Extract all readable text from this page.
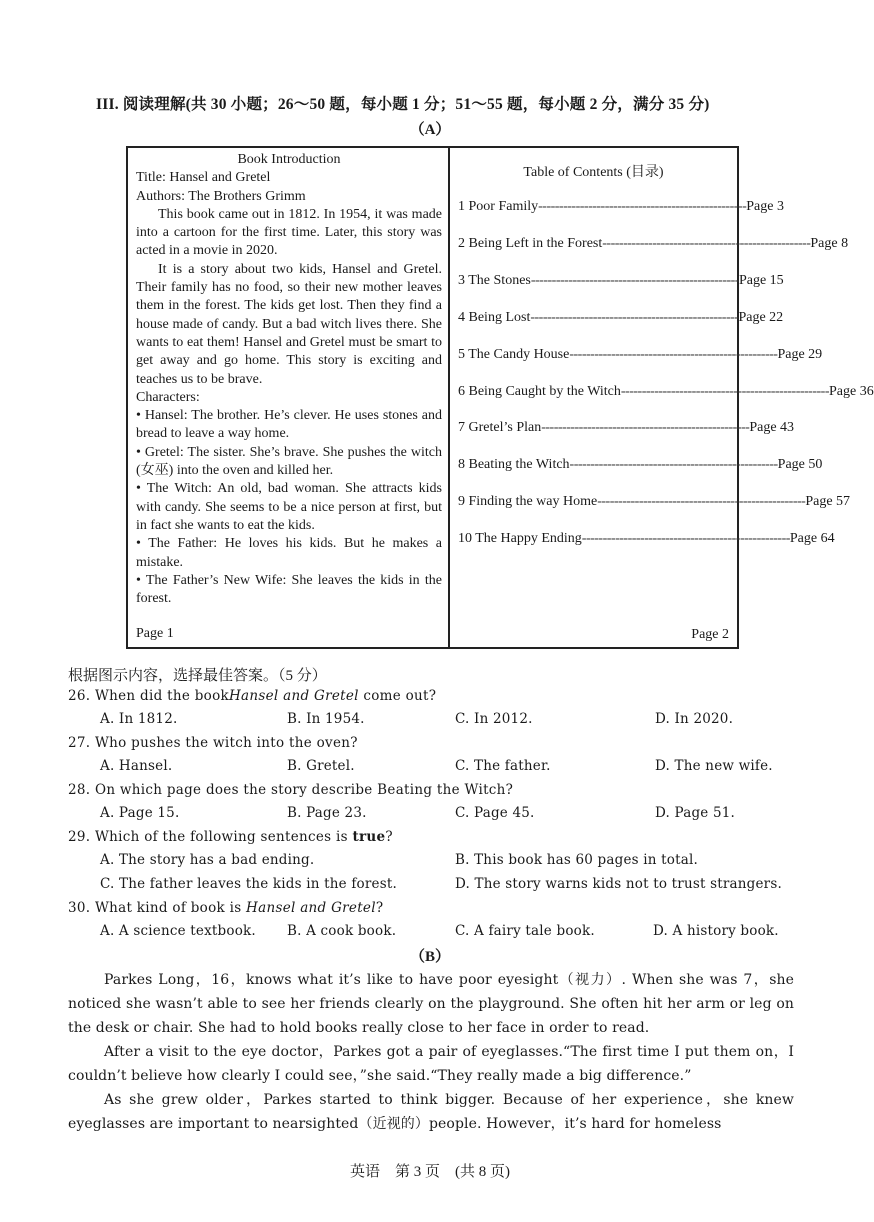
III. 阅读理解(共 30 小题；26～50 题，每小题 1 分；51～55 题，每小题 2 分，满分 35 分)
（A）
Book Introduction
Title: Hansel and Gretel
Authors: The Brothers Grimm

This book came out in 1812. In 1954, it was made into a cartoon for the first time. Later, this story was acted in a movie in 2020.

It is a story about two kids, Hansel and Gretel. Their family has no food, so their new mother leaves them in the forest. The kids get lost. Then they find a house made of candy. But a bad witch lives there. She wants to eat them! Hansel and Gretel must be smart to get away and go home. This story is exciting and teaches us to be brave.

Characters:

• Hansel: The brother. He’s clever. He uses stones and bread to leave a way home.

• Gretel: The sister. She’s brave. She pushes the witch (女巫) into the oven and killed her.

• The Witch: An old, bad woman. She attracts kids with candy. She seems to be a nice person at first, but in fact she wants to eat the kids.

• The Father: He loves his kids. But he makes a mistake.

• The Father’s New Wife: She leaves the kids in the forest.

Page 1

Table of Contents (目录)
1 Poor Family -------------------------------------------------- Page 3
2 Being Left in the Forest -------------------------------------------------- Page 8
3 The Stones -------------------------------------------------- Page 15
4 Being Lost -------------------------------------------------- Page 22
5 The Candy House -------------------------------------------------- Page 29
6 Being Caught by the Witch -------------------------------------------------- Page 36
7 Gretel’s Plan -------------------------------------------------- Page 43
8 Beating the Witch -------------------------------------------------- Page 50
9 Finding the way Home -------------------------------------------------- Page 57
10 The Happy Ending -------------------------------------------------- Page 64
Page 2
根据图示内容，选择最佳答案。（5 分）
26. When did the bookHansel and Gretel come out?
A. In 1812.	B. In 1954.	C. In 2012.	D. In 2020.
27. Who pushes the witch into the oven?
A. Hansel.	B. Gretel.	C. The father.	D. The new wife.
28. On which page does the story describe Beating the Witch?
A. Page 15.	B. Page 23.	C. Page 45.	D. Page 51.
29. Which of the following sentences is true?
A. The story has a bad ending.	B. This book has 60 pages in total.
C. The father leaves the kids in the forest.	D. The story warns kids not to trust strangers.
30. What kind of book is Hansel and Gretel?
A. A science textbook. B. A cook book.	C. A fairy tale book.	D. A history book.
（B）
Parkes Long，16，knows what it’s like to have poor eyesight（视力）. When she was 7，she noticed she wasn’t able to see her friends clearly on the playground. She often hit her arm or leg on the desk or chair. She had to hold books really close to her face in order to read.
After a visit to the eye doctor，Parkes got a pair of eyeglasses.“The first time I put them on，I couldn’t believe how clearly I could see，”she said.“They really made a big difference.”
As she grew older，Parkes started to think bigger. Because of her experience，she knew eyeglasses are important to nearsighted（近视的）people. However，it’s hard for homeless
英语　第 3 页　(共 8 页)
